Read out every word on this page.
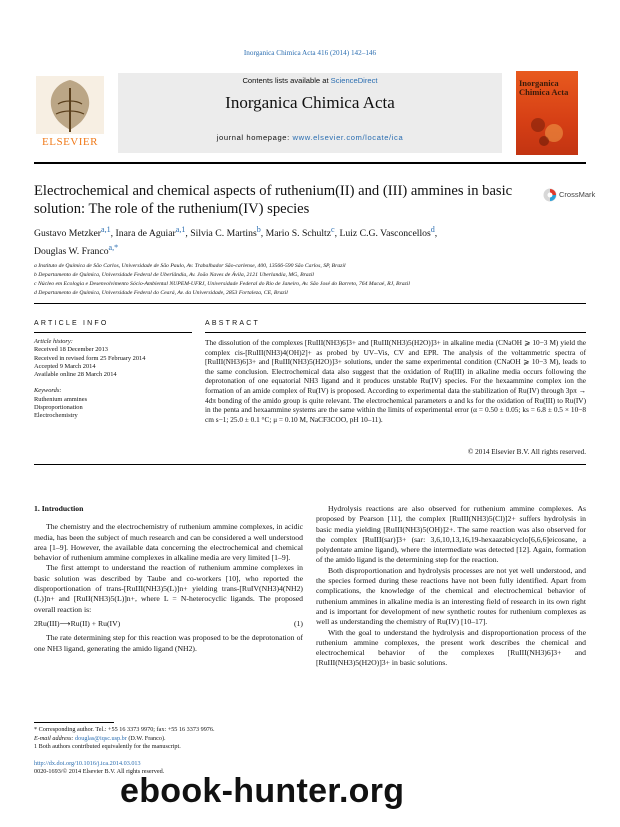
Inorganica Chimica Acta 416 (2014) 142–146
ELSEVIER
Contents lists available at ScienceDirect
Inorganica Chimica Acta
journal homepage: www.elsevier.com/locate/ica
Inorganica Chimica Acta
Electrochemical and chemical aspects of ruthenium(II) and (III) ammines in basic solution: The role of the ruthenium(IV) species
CrossMark
Gustavo Metzker$^{a,1}$, Inara de Aguiar$^{a,1}$, Silvia C. Martins$^b$, Mario S. Schultz$^c$, Luiz C.G. Vasconcellos$^d$,
Douglas W. Franco$^{a,*}$
a Instituto de Química de São Carlos, Universidade de São Paulo, Av. Trabalhador São-carlense, 400, 13566-590 São Carlos, SP, Brazil
b Departamento de Química, Universidade Federal de Uberlândia, Av. João Naves de Ávila, 2121 Uberlandia, MG, Brazil
c Núcleo em Ecologia e Desenvolvimento Sócio-Ambiental NUPEM-UFRJ, Universidade Federal do Rio de Janeiro, Av. São José do Barreto, 764 Macaé, RJ, Brazil
d Departamento de Química, Universidade Federal do Ceará, Av. da Universidade, 2853 Fortaleza, CE, Brazil
ARTICLE INFO
Article history:
Received 18 December 2013
Received in revised form 25 February 2014
Accepted 9 March 2014
Available online 28 March 2014
Keywords:
Ruthenium ammines
Disproportionation
Electrochemistry
ABSTRACT
The dissolution of the complexes [RuIII(NH3)6]3+ and [RuIII(NH3)5(H2O)]3+ in alkaline media (CNaOH ⩾ 10−3 M) yield the complex cis-[RuIII(NH3)4(OH)2]+ as probed by UV–Vis, CV and EPR. The analysis of the voltammetric spectra of [RuIII(NH3)6]3+ and [RuIII(NH3)5(H2O)]3+ solutions, under the same experimental condition (CNaOH ⩾ 10−3 M), leads to the same conclusion. Electrochemical data also suggest that the oxidation of Ru(III) in alkaline media occurs following the deprotonation of one equatorial NH3 ligand and it produces unstable Ru(IV) species. For the hexaammine complex ion the formation of an amide complex of Ru(IV) is proposed. According to experimental data the stabilization of Ru(IV) through 3pπ → 4dπ bonding of the amido group is quite relevant. The electrochemical parameters α and ks for the oxidation of Ru(III) to Ru(IV) in the penta and hexaammine systems are the same within the limits of experimental error (α = 0.50 ± 0.05; ks = 6.8 ± 0.5 × 10−8 cm s−1; 25.0 ± 0.1 °C; μ = 0.10 M, NaCF3COO, pH 10–11).
© 2014 Elsevier B.V. All rights reserved.
1. Introduction
The chemistry and the electrochemistry of ruthenium ammine complexes, in acidic media, has been the subject of much research and can be considered a well understood area [1–9]. However, the available data concerning the electrochemical and chemical behavior of ruthenium ammine complexes in alkaline media are very limited [1–9].
The first attempt to understand the reaction of ruthenium ammine complexes in basic solution was described by Taube and co-workers [10], who reported the disproportionation of trans-[RuIII(NH3)5(L)]n+ yielding trans-[RuIV(NH3)4(NH2)(L)]n+ and [RuII(NH3)5(L)]n+, where L = N-heterocyclic ligands. The proposed overall reaction is:
2Ru(III)⟶Ru(II) + Ru(IV)	(1)
The rate determining step for this reaction was proposed to be the deprotonation of one NH3 ligand, generating the amido ligand (NH2).
Hydrolysis reactions are also observed for ruthenium ammine complexes. As proposed by Pearson [11], the complex [RuIII(NH3)5(Cl)]2+ suffers hydrolysis in basic media yielding [RuIII(NH3)5(OH)]2+. The same reaction was also observed for the complex [RuIII(sar)]3+ (sar: 3,6,10,13,16,19-hexaazabicyclo[6,6,6]eicosane, a polydentate amine ligand), where the intermediate was detected [12]. Again, formation of the amido ligand is the determining step for the reaction.
Both disproportionation and hydrolysis processes are not yet well understood, and the species formed during these reactions have not been fully identified. Apart from complications, the knowledge of the chemical and electrochemical behavior of ruthenium ammines in alkaline media is an interesting field of research in its own right and is important for development of new synthetic routes for ruthenium complexes as well as understanding the chemistry of Ru(IV) [10–17].
With the goal to understand the hydrolysis and disproportionation process of the ruthenium ammine complexes, the present work describes the chemical and electrochemical behavior of the complexes [RuIII(NH3)6]3+ and [RuIII(NH3)5(H2O)]3+ in basic solutions.
* Corresponding author. Tel.: +55 16 3373 9970; fax: +55 16 3373 9976.
E-mail address: douglas@iqsc.usp.br (D.W. Franco).
1 Both authors contributed equivalently for the manuscript.
http://dx.doi.org/10.1016/j.ica.2014.03.013
0020-1693/© 2014 Elsevier B.V. All rights reserved.
ebook-hunter.org
